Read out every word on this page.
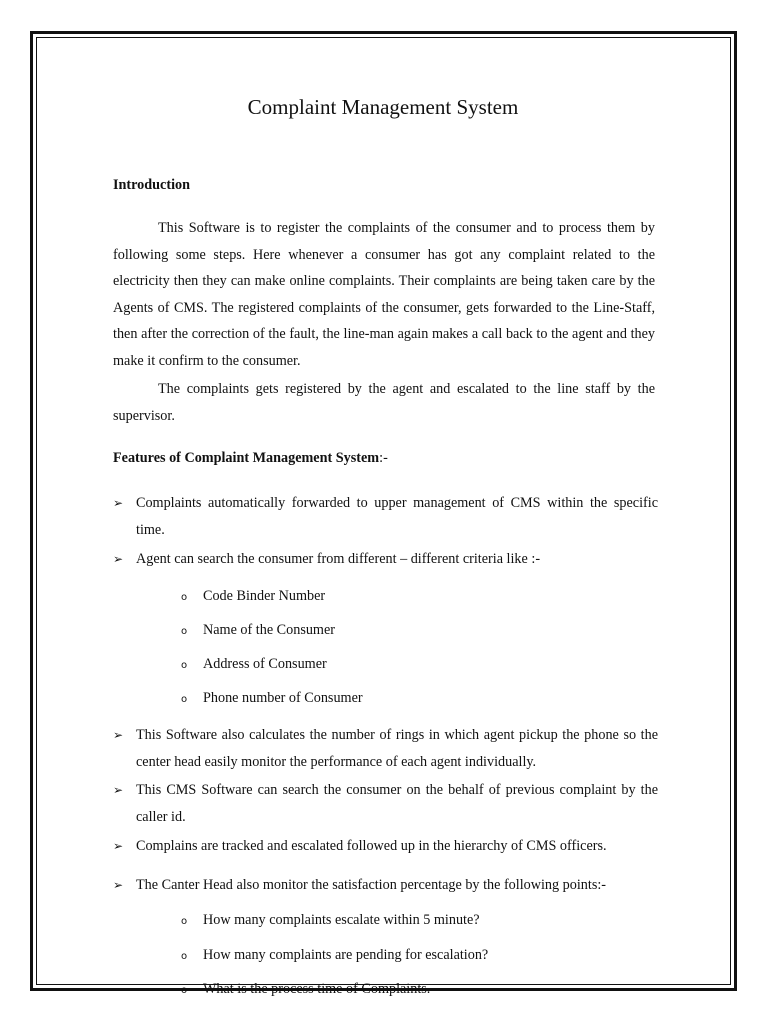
Complaint Management System
Introduction

This Software is to register the complaints of the consumer and to process them by following some steps. Here whenever a consumer has got any complaint related to the electricity then they can make online complaints. Their complaints are being taken care by the Agents of CMS. The registered complaints of the consumer, gets forwarded to the Line-Staff, then after the correction of the fault, the line-man again makes a call back to the agent and they make it confirm to the consumer.

The complaints gets registered by the agent and escalated to the line staff by the supervisor.

Features of Complaint Management System:-
➢ Complaints automatically forwarded to upper management of CMS within the specific time.
➢ Agent can search the consumer from different – different criteria like :-
o Code Binder Number
o Name of the Consumer
o Address of Consumer
o Phone number of Consumer
➢ This Software also calculates the number of rings in which agent pickup the phone so the center head easily monitor the performance of each agent individually.
➢ This CMS Software can search the consumer on the behalf of previous complaint by the caller id.
➢ Complains are tracked and escalated followed up in the hierarchy of CMS officers.
➢ The Canter Head also monitor the satisfaction percentage by the following points:-
o How many complaints escalate within 5 minute?
o How many complaints are pending for escalation?
o What is the process time of Complaints.
